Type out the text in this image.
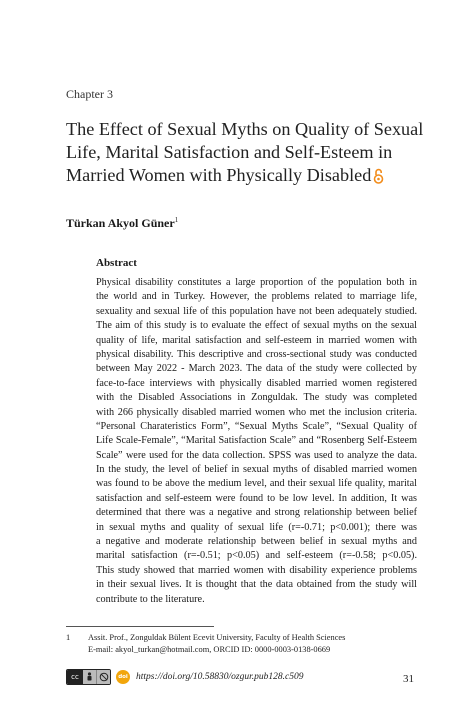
Chapter 3
The Effect of Sexual Myths on Quality of Sexual
Life, Marital Satisfaction and Self-Esteem in
Married Women with Physically Disabled
Türkan Akyol Güner$^1$
Abstract
Physical disability constitutes a large proportion of the population both in
the world and in Turkey. However, the problems related to marriage life,
sexuality and sexual life of this population have not been adequately studied.
The aim of this study is to evaluate the effect of sexual myths on the sexual
quality of life, marital satisfaction and self-esteem in married women with
physical disability. This descriptive and cross-sectional study was conducted
between May 2022 - March 2023. The data of the study were collected by
face-to-face interviews with physically disabled married women registered
with the Disabled Associations in Zonguldak. The study was completed
with 266 physically disabled married women who met the inclusion criteria.
“Personal Charateristics Form”, “Sexual Myths Scale”, “Sexual Quality of
Life Scale-Female”, “Marital Satisfaction Scale” and “Rosenberg Self-Esteem
Scale” were used for the data collection. SPSS was used to analyze the data.
In the study, the level of belief in sexual myths of disabled married women
was found to be above the medium level, and their sexual life quality, marital
satisfaction and self-esteem were found to be low level. In addition, It was
determined that there was a negative and strong relationship between belief
in sexual myths and quality of sexual life (r=-0.71; p<0.001); there was
a negative and moderate relationship between belief in sexual myths and
marital satisfaction (r=-0.51; p<0.05) and self-esteem (r=-0.58; p<0.05).
This study showed that married women with disability experience problems
in their sexual lives. It is thought that the data obtained from the study will
contribute to the literature.
1 Assit. Prof., Zonguldak Bülent Ecevit University, Faculty of Health Sciences
E-mail: akyol_turkan@hotmail.com, ORCID ID: 0000-0003-0138-0669
cc	doi https://doi.org/10.58830/ozgur.pub128.c509	31
